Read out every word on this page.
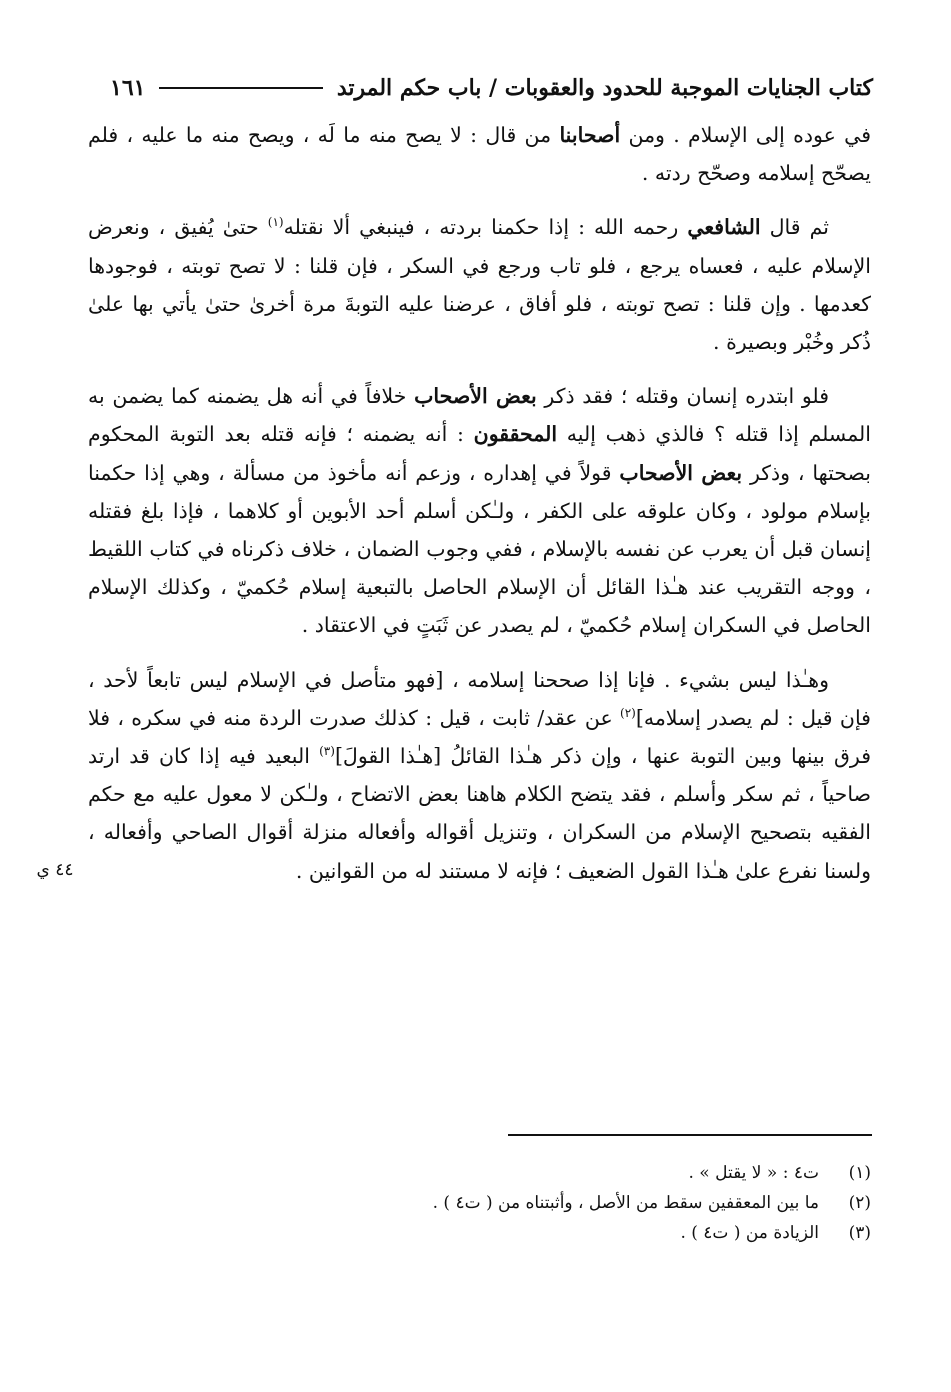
كتاب الجنايات الموجبة للحدود والعقوبات / باب حكم المرتد
١٦١

في عوده إلى الإسلام . ومن أصحابنا من قال : لا يصح منه ما لَه ، ويصح منه ما عليه ، فلم يصحّح إسلامه وصحّح ردته .

ثم قال الشافعي رحمه الله : إذا حكمنا بردته ، فينبغي ألا نقتله$^{(١)}$ حتىٰ يُفيق ، ونعرض الإسلام عليه ، فعساه يرجع ، فلو تاب ورجع في السكر ، فإن قلنا : لا تصح توبته ، فوجودها كعدمها . وإن قلنا : تصح توبته ، فلو أفاق ، عرضنا عليه التوبةَ مرة أخرىٰ حتىٰ يأتي بها علىٰ ذُكر وخُبْر وبصيرة .

فلو ابتدره إنسان وقتله ؛ فقد ذكر بعض الأصحاب خلافاً في أنه هل يضمنه كما يضمن به المسلم إذا قتله ؟ فالذي ذهب إليه المحققون : أنه يضمنه ؛ فإنه قتله بعد التوبة المحكوم بصحتها ، وذكر بعض الأصحاب قولاً في إهداره ، وزعم أنه مأخوذ من مسألة ، وهي إذا حكمنا بإسلام مولود ، وكان علوقه على الكفر ، ولـٰكن أسلم أحد الأبوين أو كلاهما ، فإذا بلغ فقتله إنسان قبل أن يعرب عن نفسه بالإسلام ، ففي وجوب الضمان ، خلاف ذكرناه في كتاب اللقيط ، ووجه التقريب عند هـٰذا القائل أن الإسلام الحاصل بالتبعية إسلام حُكميّ ، وكذلك الإسلام الحاصل في السكران إسلام حُكميّ ، لم يصدر عن ثَبَتٍ في الاعتقاد .

وهـٰذا ليس بشيء . فإنا إذا صححنا إسلامه ، [فهو متأصل في الإسلام ليس تابعاً لأحد ، فإن قيل : لم يصدر إسلامه]$^{(٢)}$ عن عقد/ ثابت ، قيل : كذلك صدرت الردة منه في سكره ، فلا فرق بينها وبين التوبة عنها ، وإن ذكر هـٰذا القائلُ [هـٰذا القولَ]$^{(٣)}$ البعيد فيه إذا كان قد ارتد صاحياً ، ثم سكر وأسلم ، فقد يتضح الكلام هاهنا بعض الاتضاح ، ولـٰكن لا معول عليه مع حكم الفقيه بتصحيح الإسلام من السكران ، وتنزيل أقواله وأفعاله منزلة أقوال الصاحي وأفعاله ، ولسنا نفرع علىٰ هـٰذا القول الضعيف ؛ فإنه لا مستند له من القوانين .

٤٤ ي
(١)
ت٤ : « لا يقتل » .
(٢)
ما بين المعقفين سقط من الأصل ، وأثبتناه من ( ت٤ ) .
(٣)
الزيادة من ( ت٤ ) .
